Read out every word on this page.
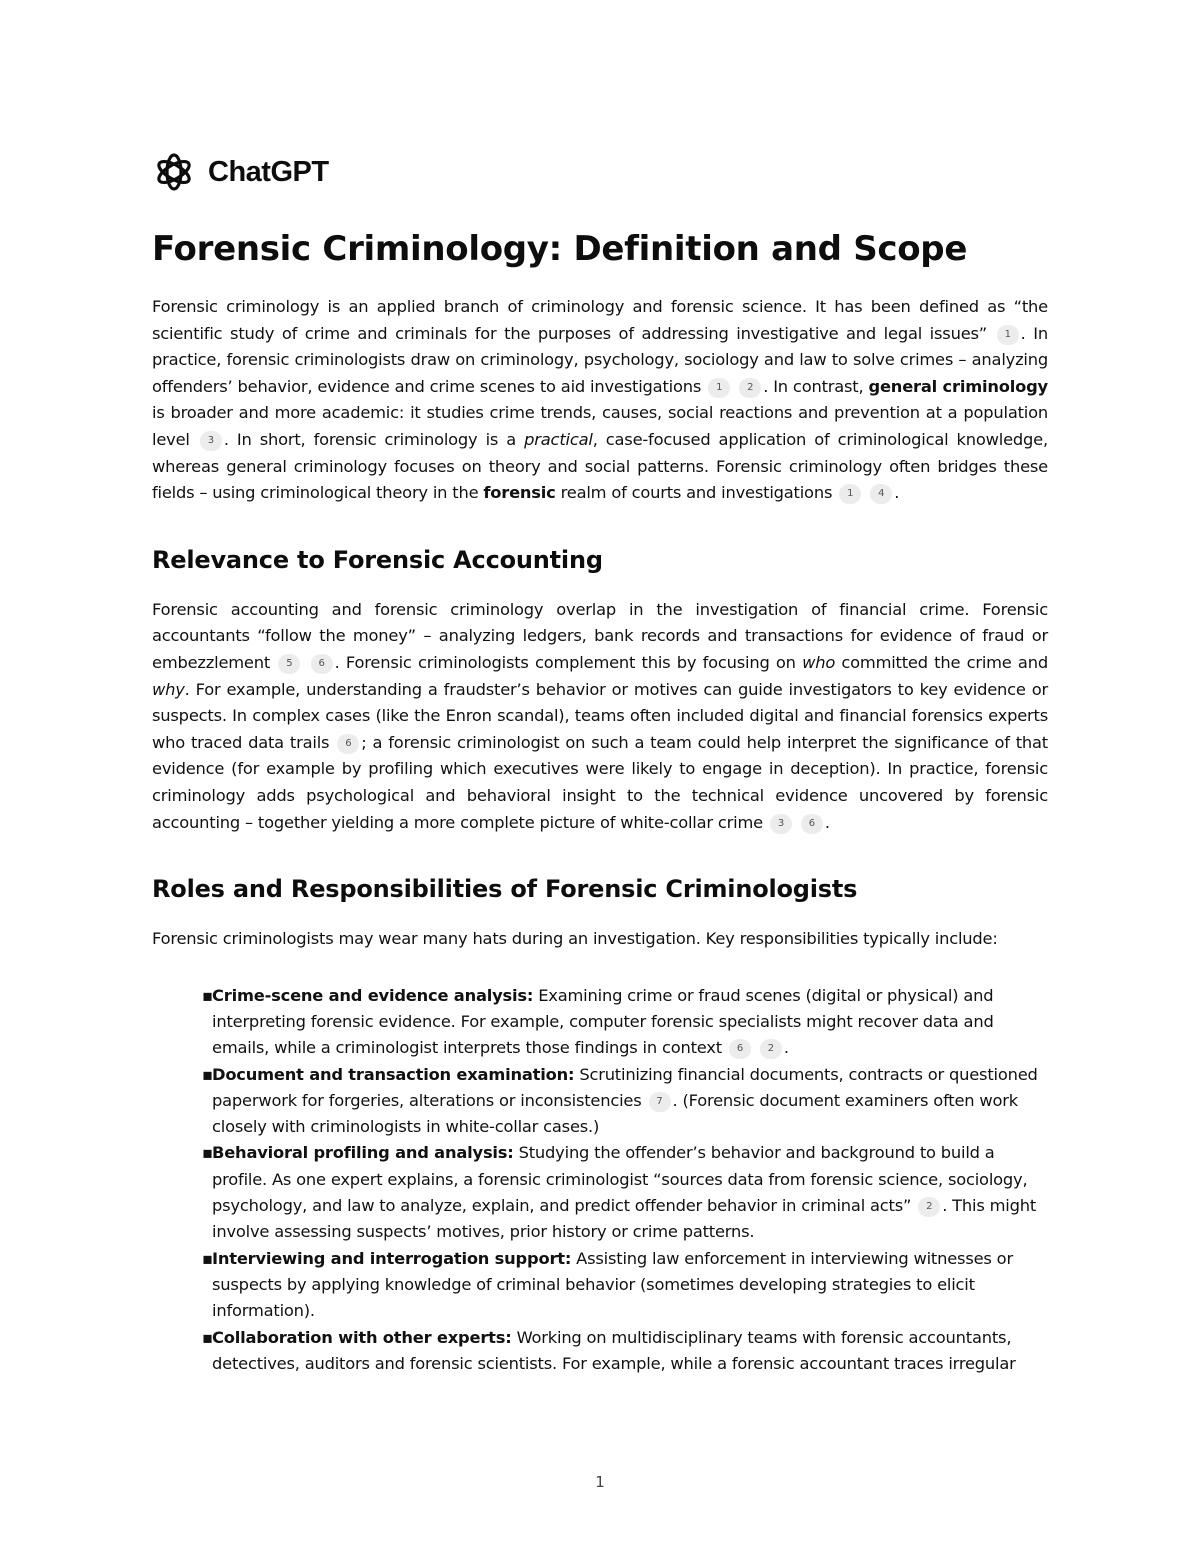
ChatGPT
Forensic Criminology: Definition and Scope

Forensic criminology is an applied branch of criminology and forensic science. It has been defined as “the scientific study of crime and criminals for the purposes of addressing investigative and legal issues” 1 . In practice, forensic criminologists draw on criminology, psychology, sociology and law to solve crimes – analyzing offenders’ behavior, evidence and crime scenes to aid investigations 1 2 . In contrast, general criminology is broader and more academic: it studies crime trends, causes, social reactions and prevention at a population level 3 . In short, forensic criminology is a practical, case-focused application of criminological knowledge, whereas general criminology focuses on theory and social patterns. Forensic criminology often bridges these fields – using criminological theory in the forensic realm of courts and investigations 1 4 .

Relevance to Forensic Accounting

Forensic accounting and forensic criminology overlap in the investigation of financial crime. Forensic accountants “follow the money” – analyzing ledgers, bank records and transactions for evidence of fraud or embezzlement 5	6 . Forensic criminologists complement this by focusing on who committed the crime and why. For example, understanding a fraudster’s behavior or motives can guide investigators to key evidence or suspects. In complex cases (like the Enron scandal), teams often included digital and financial forensics experts who traced data trails 6 ; a forensic criminologist on such a team could help interpret the significance of that evidence (for example by profiling which executives were likely to engage in deception). In practice, forensic criminology adds psychological and behavioral insight to the technical evidence uncovered by forensic accounting – together yielding a more complete picture of white-collar crime 3 6 .

Roles and Responsibilities of Forensic Criminologists

Forensic criminologists may wear many hats during an investigation. Key responsibilities typically include:

▪ Crime-scene and evidence analysis: Examining crime or fraud scenes (digital or physical) and interpreting forensic evidence. For example, computer forensic specialists might recover data and emails, while a criminologist interprets those findings in context 6 2 .
▪ Document and transaction examination: Scrutinizing financial documents, contracts or questioned paperwork for forgeries, alterations or inconsistencies 7 . (Forensic document examiners often work closely with criminologists in white-collar cases.)
▪ Behavioral profiling and analysis: Studying the offender’s behavior and background to build a profile. As one expert explains, a forensic criminologist “sources data from forensic science, sociology, psychology, and law to analyze, explain, and predict offender behavior in criminal acts” 2 . This might involve assessing suspects’ motives, prior history or crime patterns.
▪ Interviewing and interrogation support: Assisting law enforcement in interviewing witnesses or suspects by applying knowledge of criminal behavior (sometimes developing strategies to elicit information).
▪ Collaboration with other experts: Working on multidisciplinary teams with forensic accountants, detectives, auditors and forensic scientists. For example, while a forensic accountant traces irregular
1
